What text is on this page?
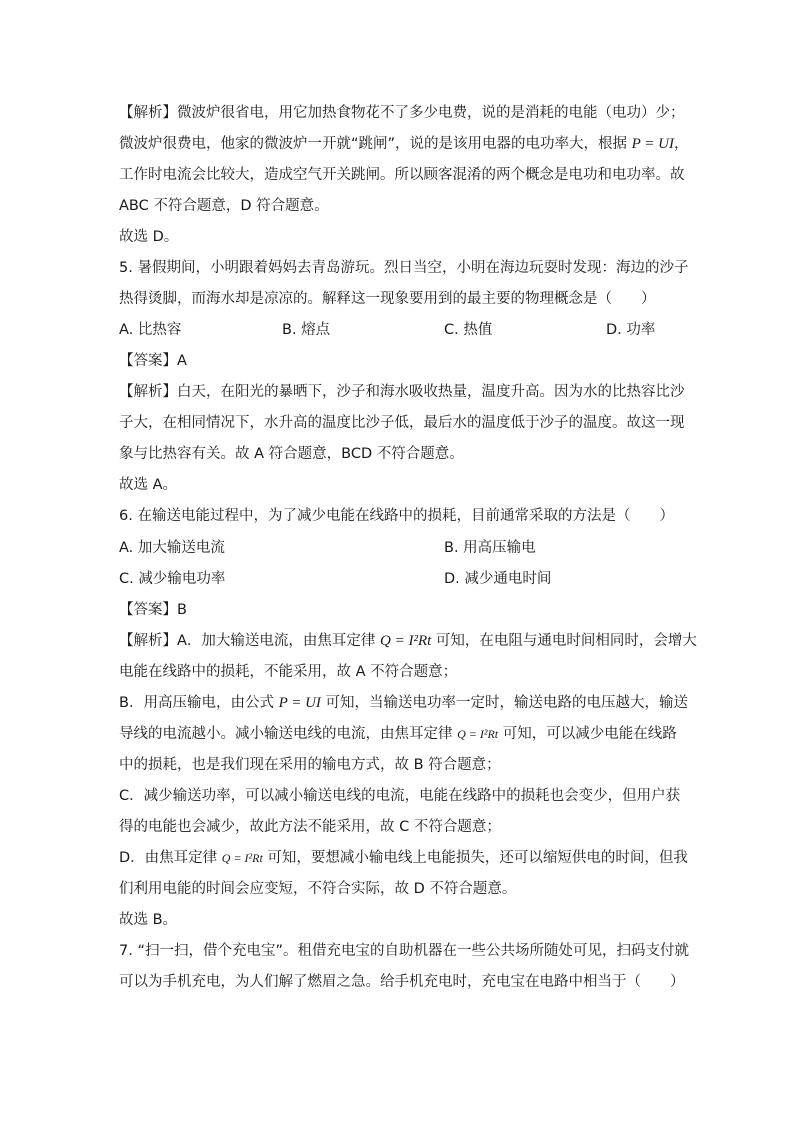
【解析】微波炉很省电，用它加热食物花不了多少电费，说的是消耗的电能（电功）少；
微波炉很费电，他家的微波炉一开就“跳闸”，说的是该用电器的电功率大，根据 P = UI，
工作时电流会比较大，造成空气开关跳闸。所以顾客混淆的两个概念是电功和电功率。故
ABC 不符合题意，D 符合题意。
故选 D。
5. 暑假期间，小明跟着妈妈去青岛游玩。烈日当空，小明在海边玩耍时发现：海边的沙子
热得烫脚，而海水却是凉凉的。解释这一现象要用到的最主要的物理概念是（　　）
A. 比热容	B. 熔点	C. 热值	D. 功率
【答案】A
【解析】白天，在阳光的暴晒下，沙子和海水吸收热量，温度升高。因为水的比热容比沙
子大，在相同情况下，水升高的温度比沙子低，最后水的温度低于沙子的温度。故这一现
象与比热容有关。故 A 符合题意，BCD 不符合题意。
故选 A。
6. 在输送电能过程中，为了减少电能在线路中的损耗，目前通常采取的方法是（　　）
A. 加大输送电流	B. 用高压输电
C. 减少输电功率	D. 减少通电时间
【答案】B
【解析】A．加大输送电流，由焦耳定律 Q = I²Rt 可知，在电阻与通电时间相同时，会增大
电能在线路中的损耗，不能采用，故 A 不符合题意；
B．用高压输电，由公式 P = UI 可知，当输送电功率一定时，输送电路的电压越大，输送
导线的电流越小。减小输送电线的电流，由焦耳定律 Q = I²Rt 可知，可以减少电能在线路
中的损耗，也是我们现在采用的输电方式，故 B 符合题意；
C．减少输送功率，可以减小输送电线的电流，电能在线路中的损耗也会变少，但用户获
得的电能也会减少，故此方法不能采用，故 C 不符合题意；
D．由焦耳定律 Q = I²Rt 可知，要想减小输电线上电能损失，还可以缩短供电的时间，但我
们利用电能的时间会应变短，不符合实际，故 D 不符合题意。
故选 B。
7. “扫一扫，借个充电宝”。租借充电宝的自助机器在一些公共场所随处可见，扫码支付就
可以为手机充电，为人们解了燃眉之急。给手机充电时，充电宝在电路中相当于（　　）
